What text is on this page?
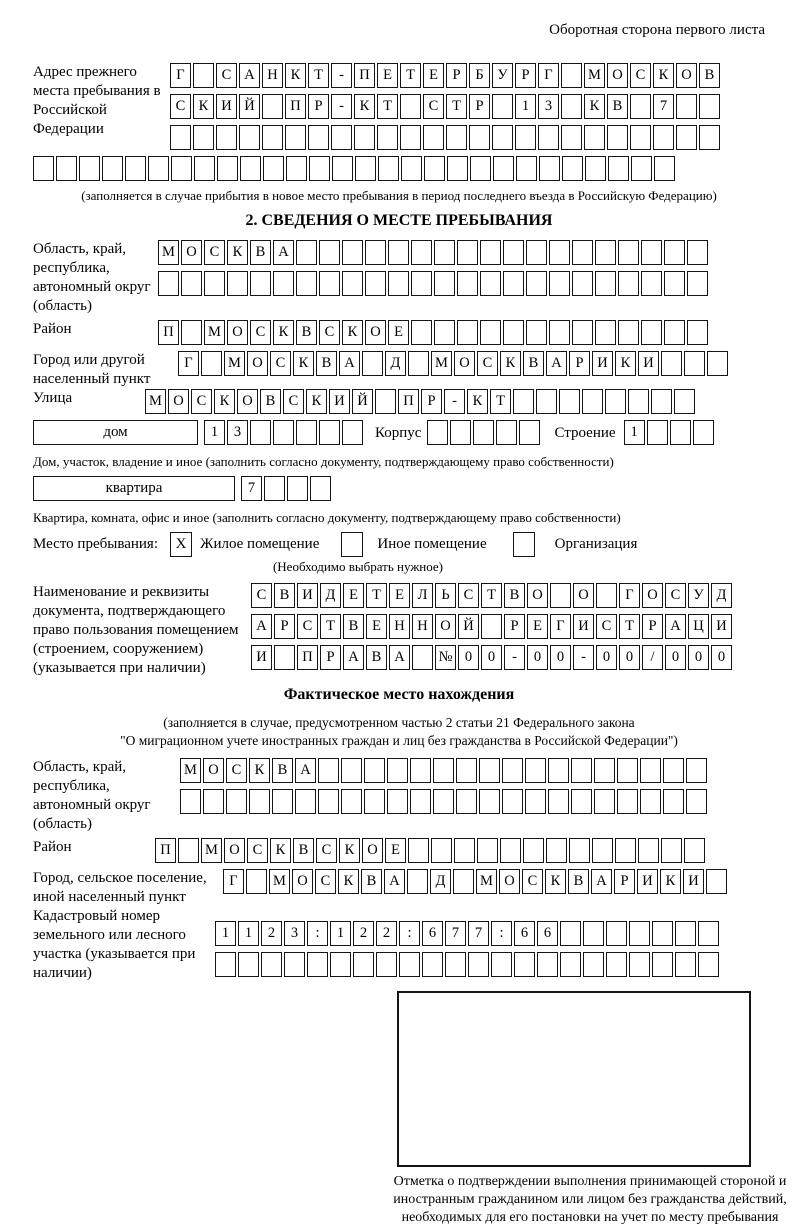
Оборотная сторона первого листа
Адрес прежнего места пребывания в Российской Федерации
Г	С А Н К Т - П Е Т Е Р Б У Р Г М О С К О В
С К И Й П Р - К Т	С Т Р	1 3	К В	7
(заполняется в случае прибытия в новое место пребывания в период последнего въезда в Российскую Федерацию)
2. СВЕДЕНИЯ О МЕСТЕ ПРЕБЫВАНИЯ
Область, край, республика, автономный округ (область)
М О С К В А
Район	П М О С К В С К О Е
Город или другой населенный пункт
Г М О С К В А Д М О С К В А Р И К И
Улица	М О С К О В С К И Й П Р - К Т
дом	1 3	Корпус	Строение 1
Дом, участок, владение и иное (заполнить согласно документу, подтверждающему право собственности)
квартира	7
Квартира, комната, офис и иное (заполнить согласно документу, подтверждающему право собственности)
Место пребывания:	X Жилое помещение	Иное помещение	Организация
(Необходимо выбрать нужное)
Наименование и реквизиты документа, подтверждающего право пользования помещением (строением, сооружением) (указывается при наличии)
С В И Д Е Т Е Л Ь С Т В О О	Г О С У Д
А Р С Т В Е Н Н О Й	Р Е Г И С Т Р А Ц И
И П Р А В А № 0 0 - 0 0 - 0 0 / 0 0 0
Фактическое место нахождения
(заполняется в случае, предусмотренном частью 2 статьи 21 Федерального закона
"О миграционном учете иностранных граждан и лиц без гражданства в Российской Федерации")
Область, край, республика, автономный округ (область)
М О С К В А
Район	П М О С К В С К О Е
Город, сельское поселение, иной населенный пункт
Г М О С К В А Д М О С К В А Р И К И
Кадастровый номер земельного или лесного участка (указывается при наличии)
1 1 2 3 : 1 2 2 : 6 7 7 : 6 6
Отметка о подтверждении выполнения принимающей стороной и иностранным гражданином или лицом без гражданства действий, необходимых для его постановки на учет по месту пребывания
